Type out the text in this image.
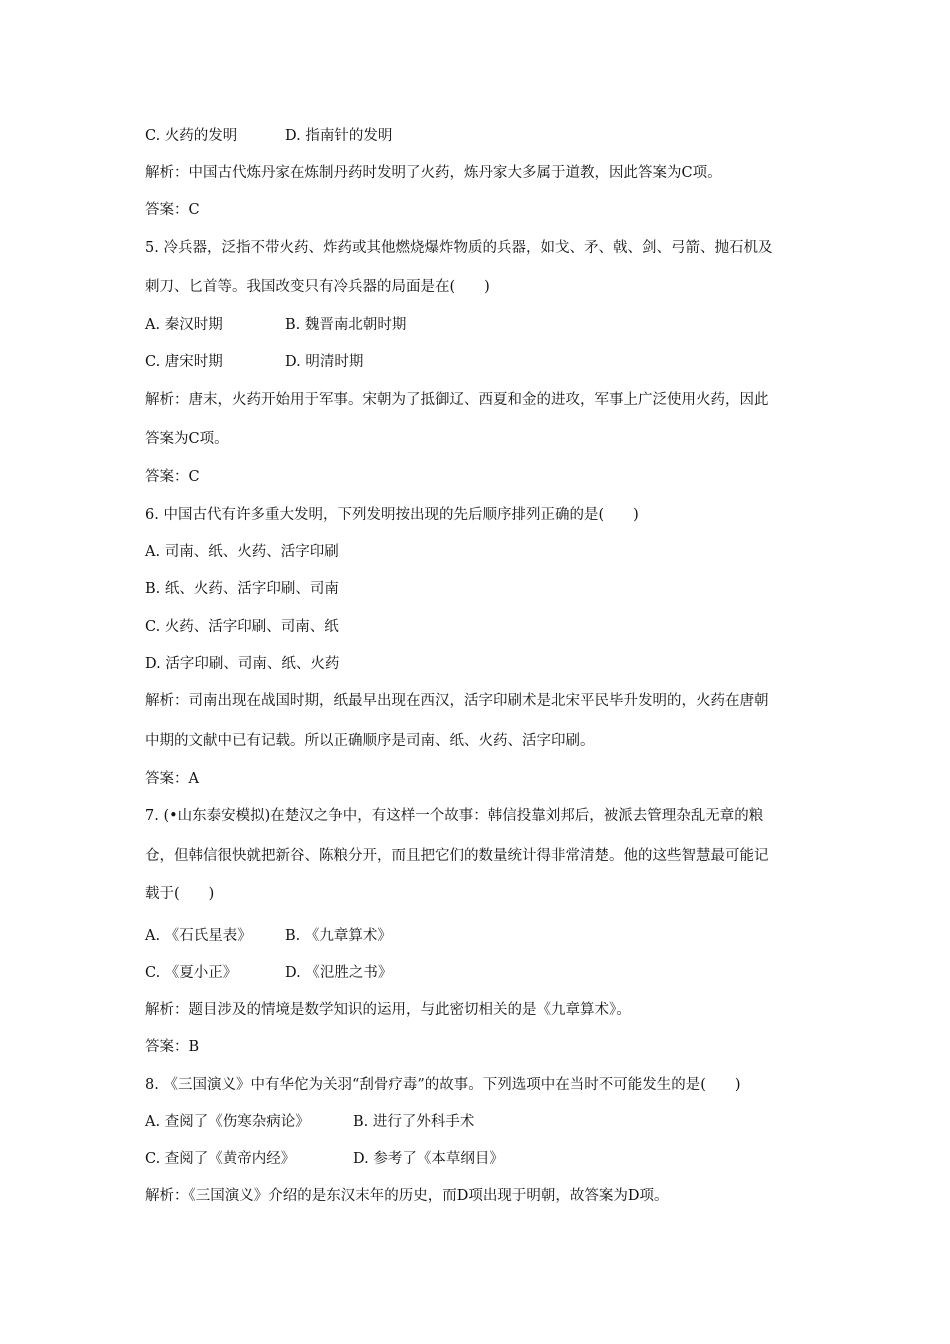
C. 火药的发明	D. 指南针的发明
解析：中国古代炼丹家在炼制丹药时发明了火药，炼丹家大多属于道教，因此答案为C项。
答案：C
5. 冷兵器，泛指不带火药、炸药或其他燃烧爆炸物质的兵器，如戈、矛、戟、剑、弓箭、抛石机及
刺刀、匕首等。我国改变只有冷兵器的局面是在(　　)
A. 秦汉时期	B. 魏晋南北朝时期
C. 唐宋时期	D. 明清时期
解析：唐末，火药开始用于军事。宋朝为了抵御辽、西夏和金的进攻，军事上广泛使用火药，因此
答案为C项。
答案：C
6. 中国古代有许多重大发明，下列发明按出现的先后顺序排列正确的是(　　)
A. 司南、纸、火药、活字印刷
B. 纸、火药、活字印刷、司南
C. 火药、活字印刷、司南、纸
D. 活字印刷、司南、纸、火药
解析：司南出现在战国时期，纸最早出现在西汉，活字印刷术是北宋平民毕升发明的，火药在唐朝
中期的文献中已有记载。所以正确顺序是司南、纸、火药、活字印刷。
答案：A
7. (•山东泰安模拟)在楚汉之争中，有这样一个故事：韩信投靠刘邦后，被派去管理杂乱无章的粮
仓，但韩信很快就把新谷、陈粮分开，而且把它们的数量统计得非常清楚。他的这些智慧最可能记
载于(　　)
A. 《石氏星表》 B. 《九章算术》
C. 《夏小正》	D. 《氾胜之书》
解析：题目涉及的情境是数学知识的运用，与此密切相关的是《九章算术》。
答案：B
8. 《三国演义》中有华佗为关羽“刮骨疗毒”的故事。下列选项中在当时不可能发生的是(　　)
A. 查阅了《伤寒杂病论》	B. 进行了外科手术
C. 查阅了《黄帝内经》	D. 参考了《本草纲目》
解析：《三国演义》介绍的是东汉末年的历史，而D项出现于明朝，故答案为D项。
